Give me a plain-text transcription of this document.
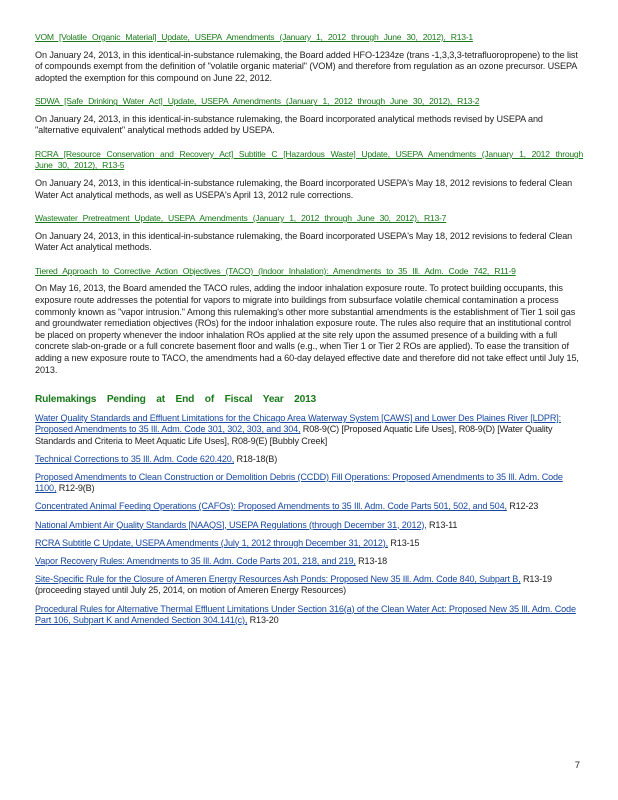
VOM [Volatile Organic Material] Update, USEPA Amendments (January 1, 2012 through June 30, 2012), R13-1

On January 24, 2013, in this identical-in-substance rulemaking, the Board added HFO-1234ze (trans -1,3,3,3-tetrafluoropropene) to the list of compounds exempt from the definition of "volatile organic material" (VOM) and therefore from regulation as an ozone precursor. USEPA adopted the exemption for this compound on June 22, 2012.

SDWA [Safe Drinking Water Act] Update, USEPA Amendments (January 1, 2012 through June 30, 2012), R13-2

On January 24, 2013, in this identical-in-substance rulemaking, the Board incorporated analytical methods revised by USEPA and "alternative equivalent" analytical methods added by USEPA.

RCRA [Resource Conservation and Recovery Act] Subtitle C [Hazardous Waste] Update, USEPA Amendments (January 1, 2012 through June 30, 2012), R13-5

On January 24, 2013, in this identical-in-substance rulemaking, the Board incorporated USEPA's May 18, 2012 revisions to federal Clean Water Act analytical methods, as well as USEPA's April 13, 2012 rule corrections.

Wastewater Pretreatment Update, USEPA Amendments (January 1, 2012 through June 30, 2012), R13-7

On January 24, 2013, in this identical-in-substance rulemaking, the Board incorporated USEPA's May 18, 2012 revisions to federal Clean Water Act analytical methods.

Tiered Approach to Corrective Action Objectives (TACO) (Indoor Inhalation): Amendments to 35 Ill. Adm. Code 742, R11-9

On May 16, 2013, the Board amended the TACO rules, adding the indoor inhalation exposure route. To protect building occupants, this exposure route addresses the potential for vapors to migrate into buildings from subsurface volatile chemical contamination a process commonly known as "vapor intrusion." Among this rulemaking's other more substantial amendments is the establishment of Tier 1 soil gas and groundwater remediation objectives (ROs) for the indoor inhalation exposure route. The rules also require that an institutional control be placed on property whenever the indoor inhalation ROs applied at the site rely upon the assumed presence of a building with a full concrete slab-on-grade or a full concrete basement floor and walls (e.g., when Tier 1 or Tier 2 ROs are applied). To ease the transition of adding a new exposure route to TACO, the amendments had a 60-day delayed effective date and therefore did not take effect until July 15, 2013.

Rulemakings Pending at End of Fiscal Year 2013

Water Quality Standards and Effluent Limitations for the Chicago Area Waterway System [CAWS] and Lower Des Plaines River [LDPR]: Proposed Amendments to 35 Ill. Adm. Code 301, 302, 303, and 304, R08-9(C) [Proposed Aquatic Life Uses], R08-9(D) [Water Quality Standards and Criteria to Meet Aquatic Life Uses], R08-9(E) [Bubbly Creek]

Technical Corrections to 35 Ill. Adm. Code 620.420, R18-18(B)

Proposed Amendments to Clean Construction or Demolition Debris (CCDD) Fill Operations: Proposed Amendments to 35 Ill. Adm. Code 1100, R12-9(B)

Concentrated Animal Feeding Operations (CAFOs): Proposed Amendments to 35 Ill. Adm. Code Parts 501, 502, and 504, R12-23

National Ambient Air Quality Standards [NAAQS], USEPA Regulations (through December 31, 2012), R13-11

RCRA Subtitle C Update, USEPA Amendments (July 1, 2012 through December 31, 2012), R13-15

Vapor Recovery Rules: Amendments to 35 Ill. Adm. Code Parts 201, 218, and 219, R13-18

Site-Specific Rule for the Closure of Ameren Energy Resources Ash Ponds: Proposed New 35 Ill. Adm. Code 840, Subpart B, R13-19 (proceeding stayed until July 25, 2014, on motion of Ameren Energy Resources)

Procedural Rules for Alternative Thermal Effluent Limitations Under Section 316(a) of the Clean Water Act: Proposed New 35 Ill. Adm. Code Part 106, Subpart K and Amended Section 304.141(c), R13-20

7
